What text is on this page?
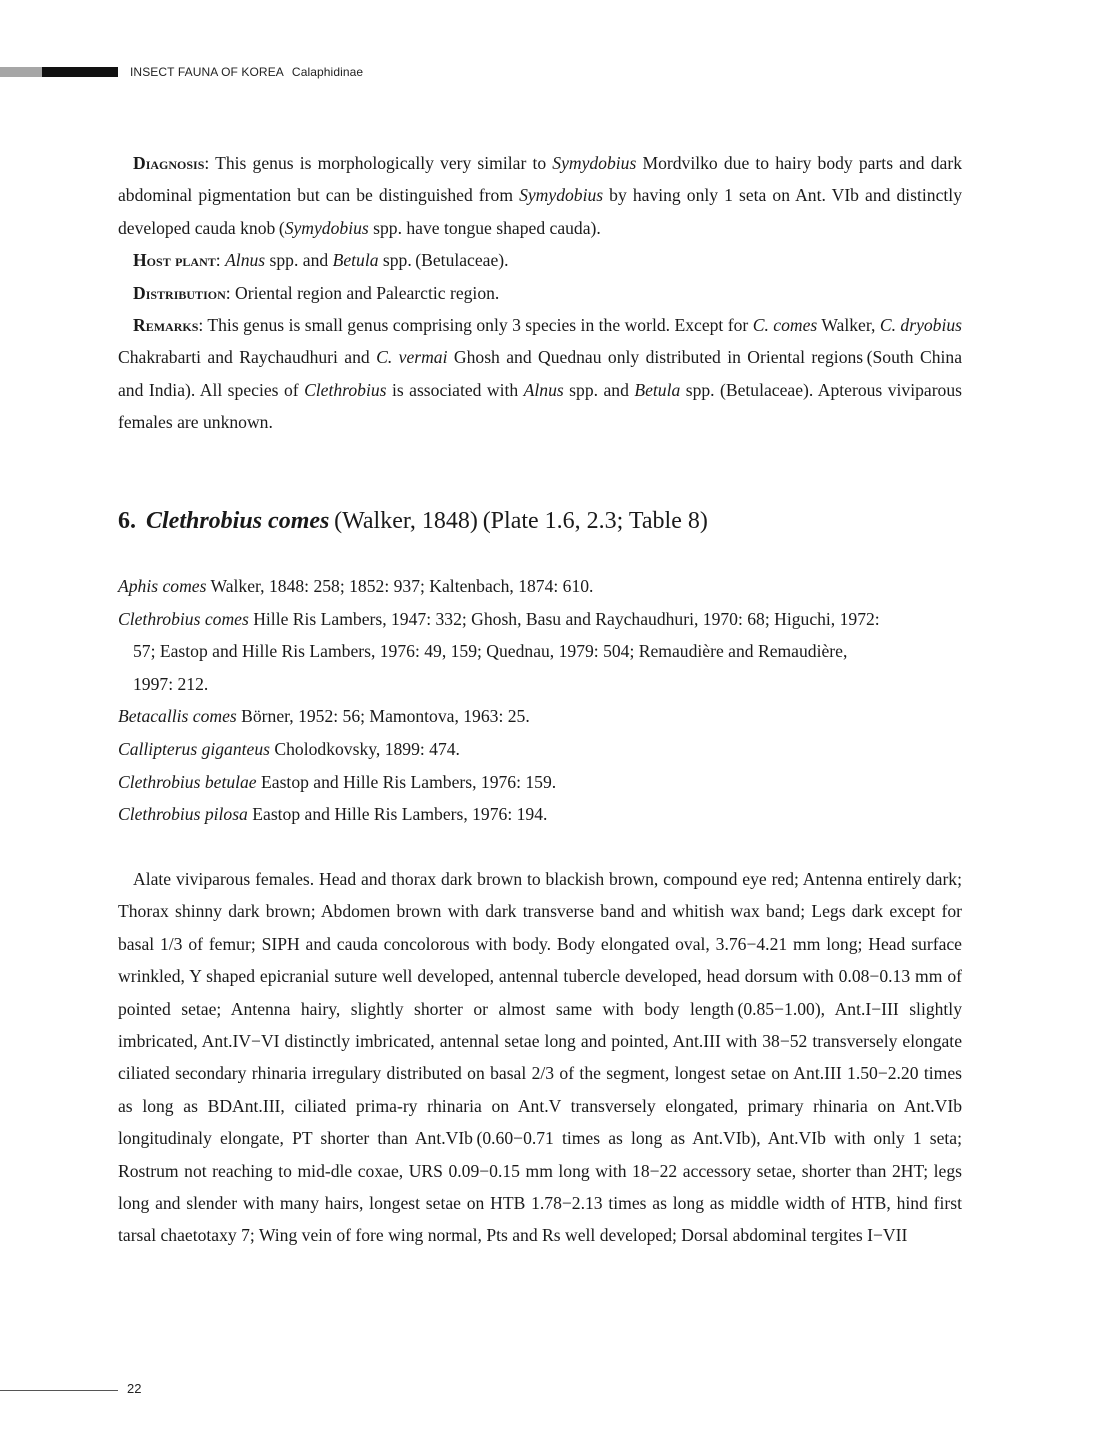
INSECT FAUNA OF KOREA Calaphidinae

Diagnosis: This genus is morphologically very similar to Symydobius Mordvilko due to hairy body parts and dark abdominal pigmentation but can be distinguished from Symydobius by having only 1 seta on Ant. VIb and distinctly developed cauda knob (Symydobius spp. have tongue shaped cauda).

Host plant: Alnus spp. and Betula spp. (Betulaceae).

Distribution: Oriental region and Palearctic region.

Remarks: This genus is small genus comprising only 3 species in the world. Except for C. comes Walker, C. dryobius Chakrabarti and Raychaudhuri and C. vermai Ghosh and Quednau only distributed in Oriental regions (South China and India). All species of Clethrobius is associated with Alnus spp. and Betula spp. (Betulaceae). Apterous viviparous females are unknown.

6. Clethrobius comes (Walker, 1848) (Plate 1.6, 2.3; Table 8)

Aphis comes Walker, 1848: 258; 1852: 937; Kaltenbach, 1874: 610.

Clethrobius comes Hille Ris Lambers, 1947: 332; Ghosh, Basu and Raychaudhuri, 1970: 68; Higuchi, 1972:

57; Eastop and Hille Ris Lambers, 1976: 49, 159; Quednau, 1979: 504; Remaudière and Remaudière,

1997: 212.

Betacallis comes Börner, 1952: 56; Mamontova, 1963: 25.

Callipterus giganteus Cholodkovsky, 1899: 474.

Clethrobius betulae Eastop and Hille Ris Lambers, 1976: 159.

Clethrobius pilosa Eastop and Hille Ris Lambers, 1976: 194.

Alate viviparous females. Head and thorax dark brown to blackish brown, compound eye red; Antenna entirely dark; Thorax shinny dark brown; Abdomen brown with dark transverse band and whitish wax band; Legs dark except for basal 1/3 of femur; SIPH and cauda concolorous with body. Body elongated oval, 3.76−4.21 mm long; Head surface wrinkled, Y shaped epicranial suture well developed, antennal tubercle developed, head dorsum with 0.08−0.13 mm of pointed setae; Antenna hairy, slightly shorter or almost same with body length (0.85−1.00), Ant.I−III slightly imbricated, Ant.IV−VI distinctly imbricated, antennal setae long and pointed, Ant.III with 38−52 transversely elongate ciliated secondary rhinaria irregulary distributed on basal 2/3 of the segment, longest setae on Ant.III 1.50−2.20 times as long as BDAnt.III, ciliated prima-ry rhinaria on Ant.V transversely elongated, primary rhinaria on Ant.VIb longitudinaly elongate, PT shorter than Ant.VIb (0.60−0.71 times as long as Ant.VIb), Ant.VIb with only 1 seta; Rostrum not reaching to mid-dle coxae, URS 0.09−0.15 mm long with 18−22 accessory setae, shorter than 2HT; legs long and slender with many hairs, longest setae on HTB 1.78−2.13 times as long as middle width of HTB, hind first tarsal chaetotaxy 7; Wing vein of fore wing normal, Pts and Rs well developed; Dorsal abdominal tergites I−VII

22
